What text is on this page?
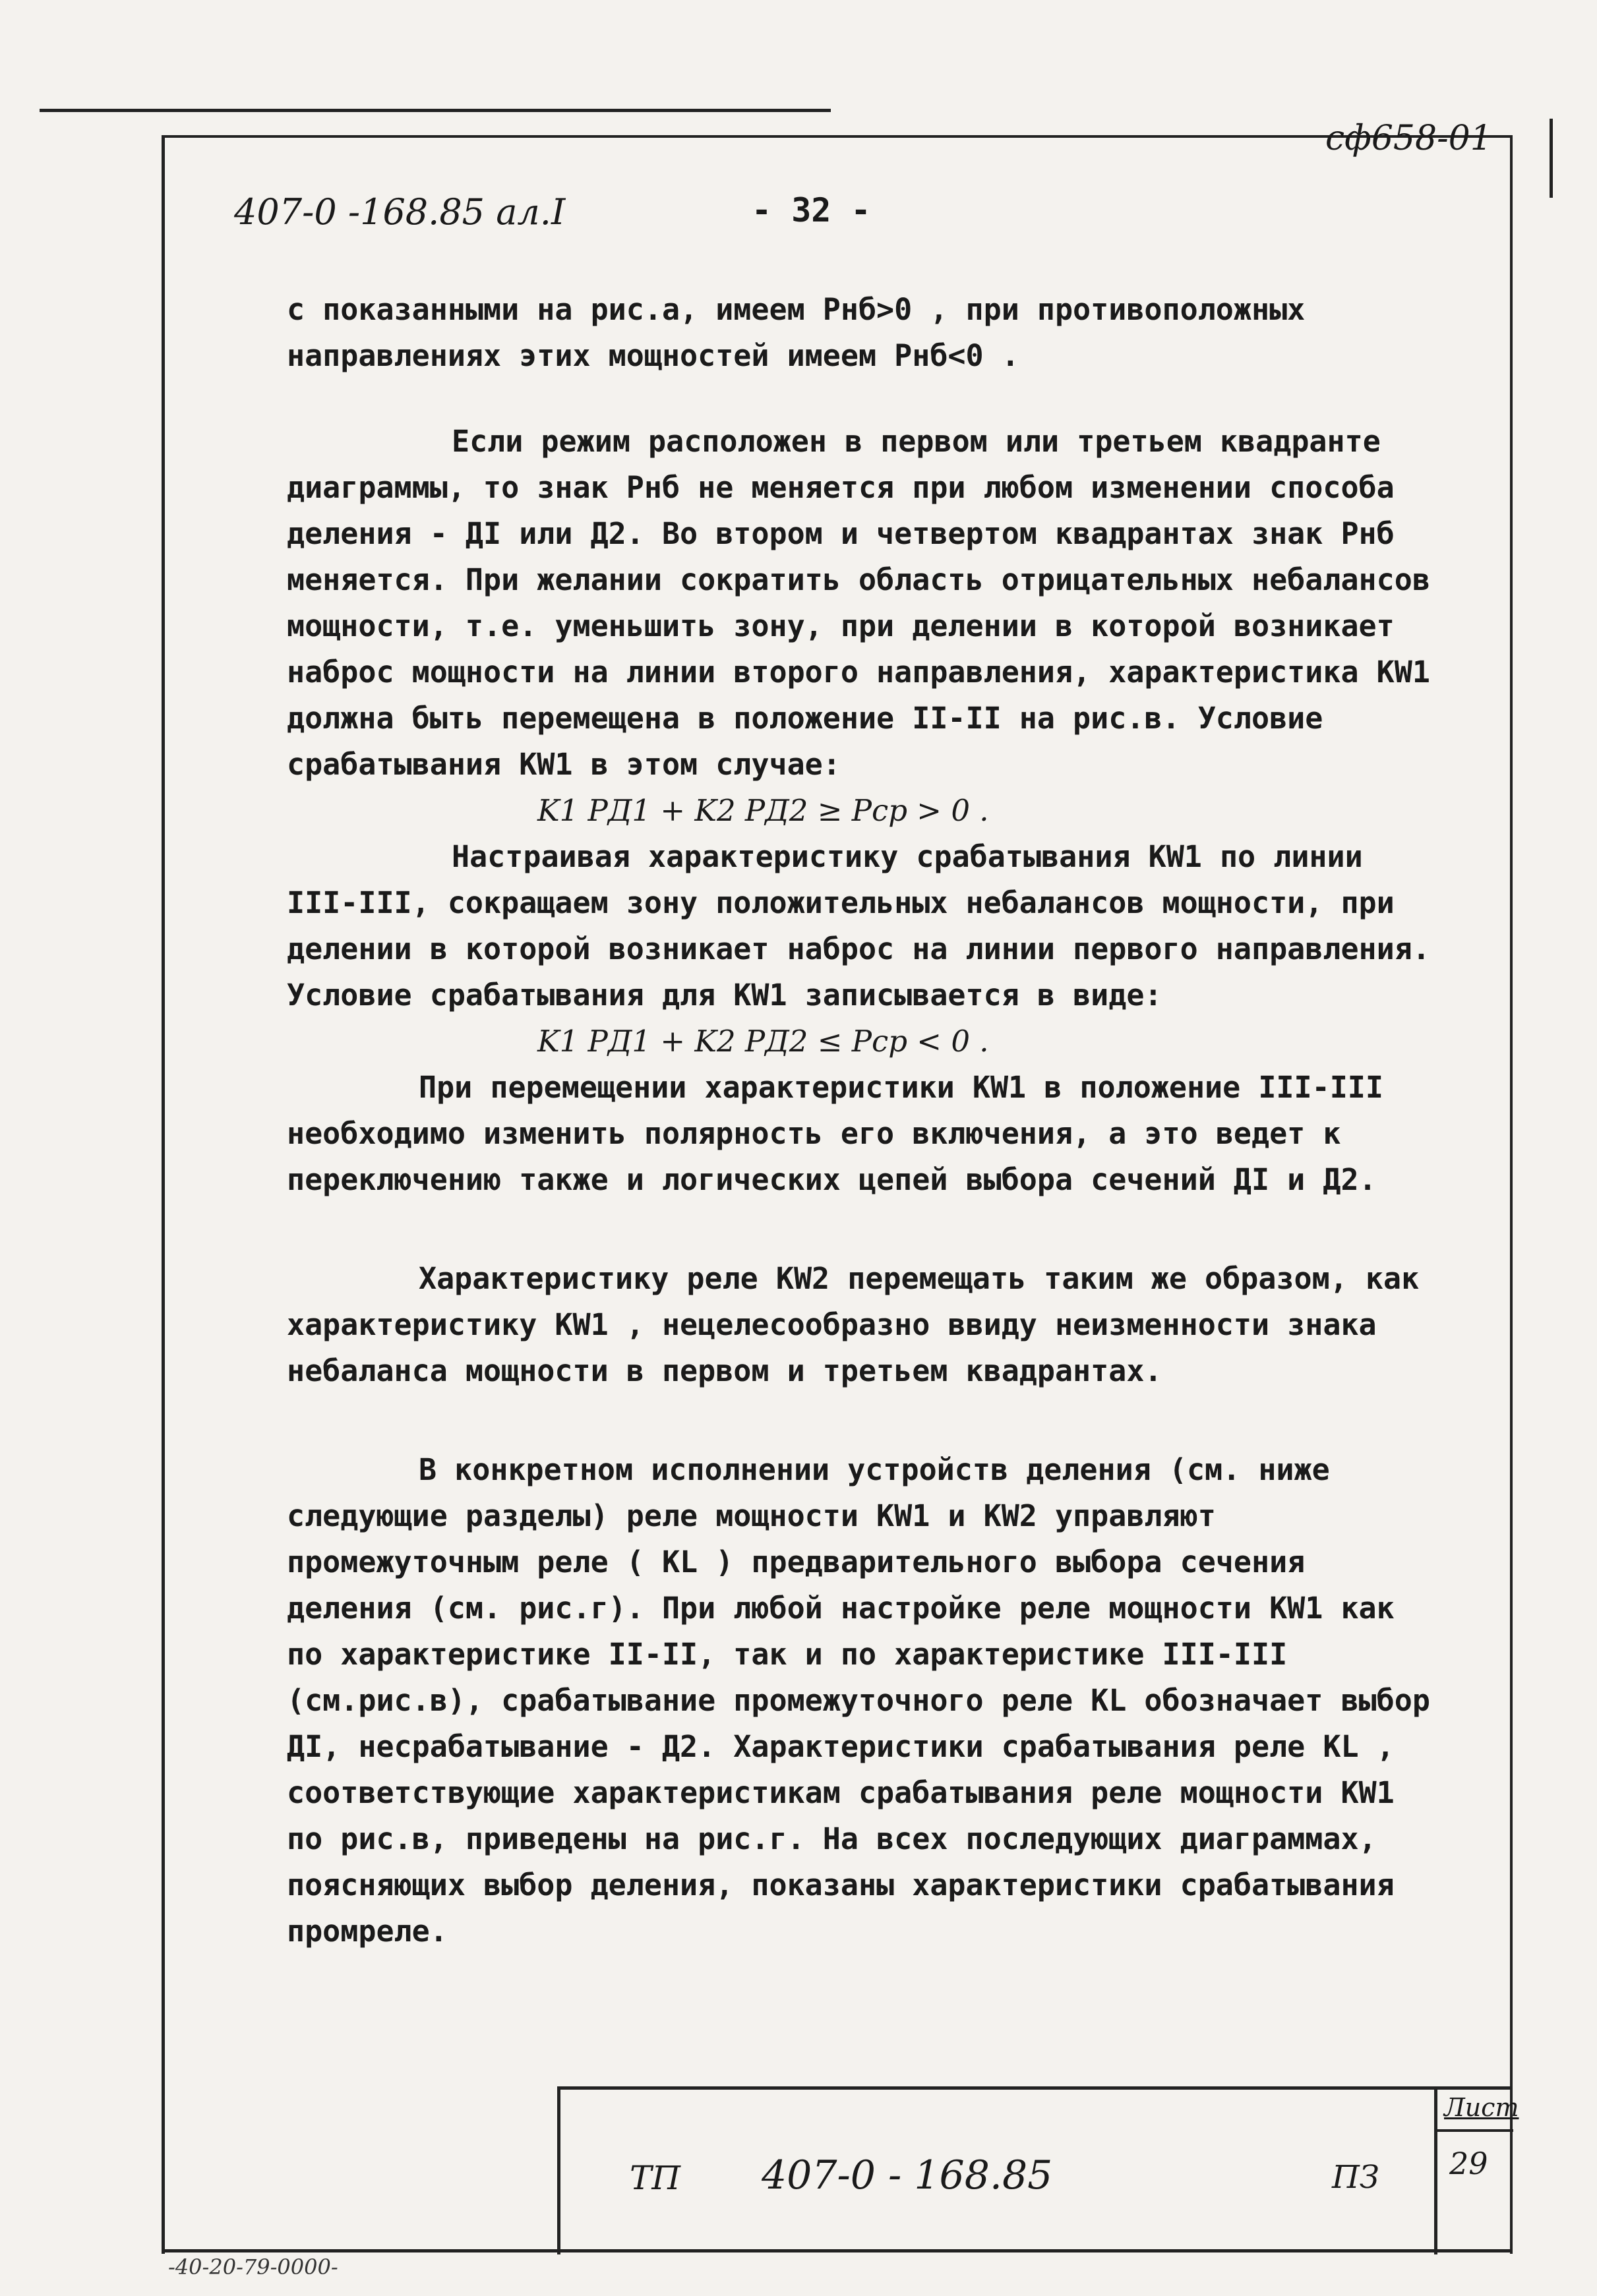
сф658-01
407-0 -168.85 ал.I	- 32 -

с показанными на рис.а, имеем Pнб>0 , при противоположных направлениях этих мощностей имеем Pнб<0 .

Если режим расположен в первом или третьем квадранте диаграммы, то знак Pнб не меняется при любом изменении способа деления - ДI или Д2. Во втором и четвертом квадрантах знак Pнб меняется. При желании сократить область отрицательных небалансов мощности, т.е. уменьшить зону, при делении в которой возникает наброс мощности на линии второго направления, характеристика KW1 должна быть перемещена в положение II-II на рис.в. Условие срабатывания KW1 в этом случае:

K1 PД1 + K2 PД2 ≥ Pср > 0 .

Настраивая характеристику срабатывания KW1 по линии III-III, сокращаем зону положительных небалансов мощности, при делении в которой возникает наброс на линии первого направления. Условие срабатывания для KW1 записывается в виде:

K1 PД1 + K2 PД2 ≤ Pср < 0 .

При перемещении характеристики KW1 в положение III-III необходимо изменить полярность его включения, а это ведет к переключению также и логических цепей выбора сечений ДI и Д2.

Характеристику реле KW2 перемещать таким же образом, как характеристику KW1 , нецелесообразно ввиду неизменности знака небаланса мощности в первом и третьем квадрантах.

В конкретном исполнении устройств деления (см. ниже следующие разделы) реле мощности KW1 и KW2 управляют промежуточным реле ( KL ) предварительного выбора сечения деления (см. рис.г). При любой настройке реле мощности KW1 как по характеристике II-II, так и по характеристике III-III (см.рис.в), срабатывание промежуточного реле KL обозначает выбор ДI, несрабатывание - Д2. Характеристики срабатывания реле KL , соответствующие характеристикам срабатывания реле мощности KW1 по рис.в, приведены на рис.г. На всех последующих диаграммах, поясняющих выбор деления, показаны характеристики срабатывания промреле.

ТП 407-0 - 168.85	ПЗ
Лист
29
-40-20-79-0000-
